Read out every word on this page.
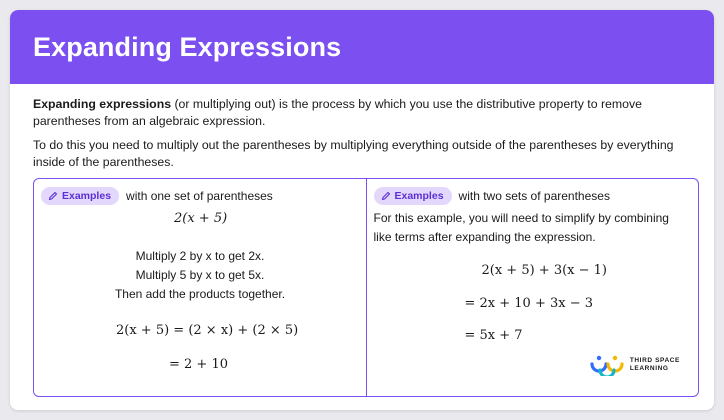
Expanding Expressions

Expanding expressions (or multiplying out) is the process by which you use the distributive property to remove parentheses from an algebraic expression.

To do this you need to multiply out the parentheses by multiplying everything outside of the parentheses by everything inside of the parentheses.

Examples with one set of parentheses
2(x + 5)
Multiply 2 by x to get 2x.
Multiply 5 by x to get 5x.
Then add the products together.
2(x + 5) = (2 × x) + (2 × 5)
= 2 + 10
Examples with two sets of parentheses
For this example, you will need to simplify by combining
like terms after expanding the expression.
2(x + 5) + 3(x − 1)
= 2x + 10 + 3x − 3
= 5x + 7
THIRD SPACE
LEARNING
